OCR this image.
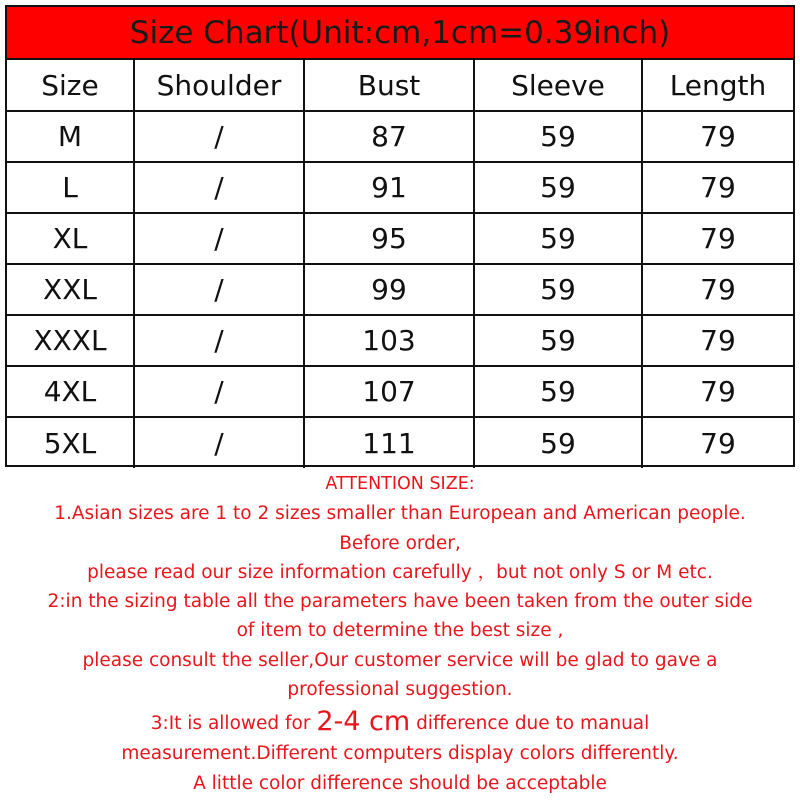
Size Chart(Unit:cm,1cm=0.39inch)
Size	Shoulder	Bust	Sleeve	Length
M	/	87	59	79
L	/	91	59	79
XL	/	95	59	79
XXL	/	99	59	79
XXXL	/	103	59	79
4XL	/	107	59	79
5XL	/	111	59	79
ATTENTION SIZE:
1.Asian sizes are 1 to 2 sizes smaller than European and American people.
Before order,
please read our size information carefully ，but not only S or M etc.
2:in the sizing table all the parameters have been taken from the outer side
of item to determine the best size ,
please consult the seller,Our customer service will be glad to gave a
professional suggestion.
3:It is allowed for 2-4 cm difference due to manual
measurement.Different computers display colors differently.
A little color difference should be acceptable
